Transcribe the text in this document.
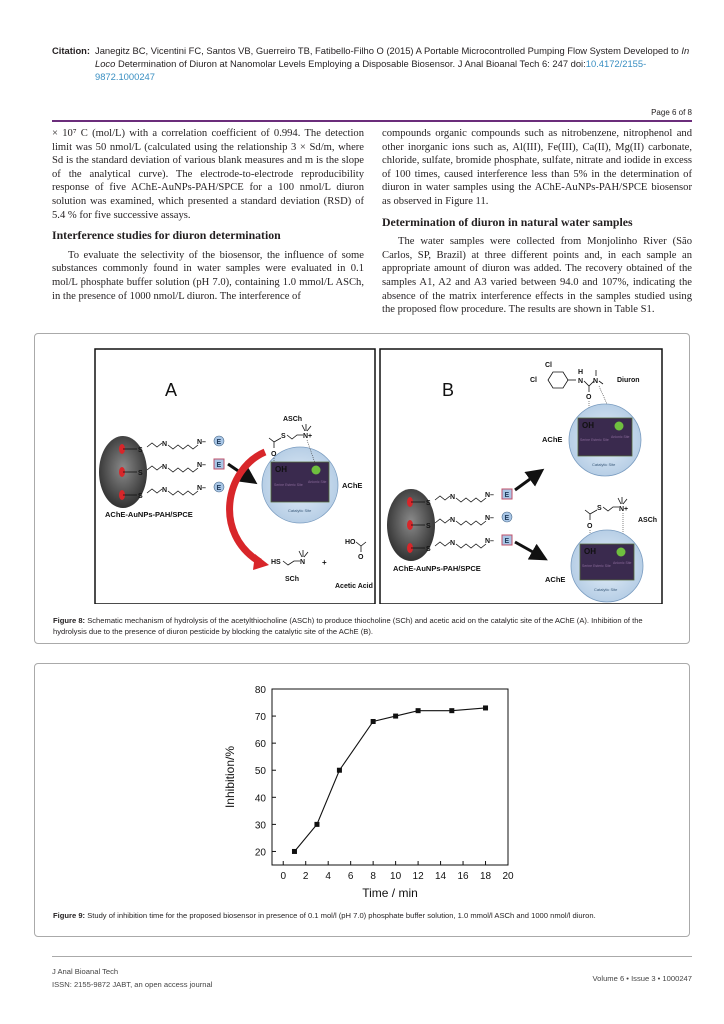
Citation: Janegitz BC, Vicentini FC, Santos VB, Guerreiro TB, Fatibello-Filho O (2015) A Portable Microcontrolled Pumping Flow System Developed to In Loco Determination of Diuron at Nanomolar Levels Employing a Disposable Biosensor. J Anal Bioanal Tech 6: 247 doi:10.4172/2155-9872.1000247
Page 6 of 8

× 10⁷ C (mol/L) with a correlation coefficient of 0.994. The detection limit was 50 nmol/L (calculated using the relationship 3 × Sd/m, where Sd is the standard deviation of various blank measures and m is the slope of the analytical curve). The electrode-to-electrode reproducibility response of five AChE-AuNPs-PAH/SPCE for a 100 nmol/L diuron solution was examined, which presented a standard deviation (RSD) of 5.4 % for five successive assays.

Interference studies for diuron determination

To evaluate the selectivity of the biosensor, the influence of some substances commonly found in water samples were evaluated in 0.1 mol/L phosphate buffer solution (pH 7.0), containing 1.0 mmol/L ASCh, in the presence of 1000 nmol/L diuron. The interference of

compounds organic compounds such as nitrobenzene, nitrophenol and other inorganic ions such as, Al(III), Fe(III), Ca(II), Mg(II) carbonate, chloride, sulfate, bromide phosphate, sulfate, nitrate and iodide in excess of 100 times, caused interference less than 5% in the determination of diuron in water samples using the AChE-AuNPs-PAH/SPCE biosensor as observed in Figure 11.

Determination of diuron in natural water samples

The water samples were collected from Monjolinho River (São Carlos, SP, Brazil) at three different points and, in each sample an appropriate amount of diuron was added. The recovery obtained of the samples A1, A2 and A3 varied between 94.0 and 107%, indicating the absence of the matrix interference effects in the samples studied using the proposed flow procedure. The results are shown in Table S1.

A
S
S
S
N
N
N
N–
N–
N–
E
E
E
AChE-AuNPs-PAH/SPCE
OH
Serine Esteric Site
Anionic Site
Catalytic Site
AChE
ASCh
S N+
O
HS	N
SCh
+
HO
O
Acetic Acid
B
Cl
Cl
H
N N
O
Diuron
OH
Serine Esteric Site
Anionic Site
Catalytic Site
AChE
S
S
S
N
N
N
N–
N–
N–
E
E
E
AChE-AuNPs-PAH/SPCE
S N+
O
ASCh
OH
Serine Esteric Site
Anionic Site
Catalytic Site
AChE
Figure 8: Schematic mechanism of hydrolysis of the acetylthiocholine (ASCh) to produce thiocholine (SCh) and acetic acid on the catalytic site of the AChE (A). Inhibition of the hydrolysis due to the presence of diuron pesticide by blocking the catalytic site of the AChE (B).
0 2 4 6 8 10 12 14 16 18 20
20
30
40
50
60
70
80
Time / min
Inhibition/%
Figure 9: Study of inhibition time for the proposed biosensor in presence of 0.1 mol/l (pH 7.0) phosphate buffer solution, 1.0 mmol/l ASCh and 1000 nmol/l diuron.
J Anal Bioanal Tech
ISSN: 2155-9872 JABT, an open access journal
Volume 6 • Issue 3 • 1000247
